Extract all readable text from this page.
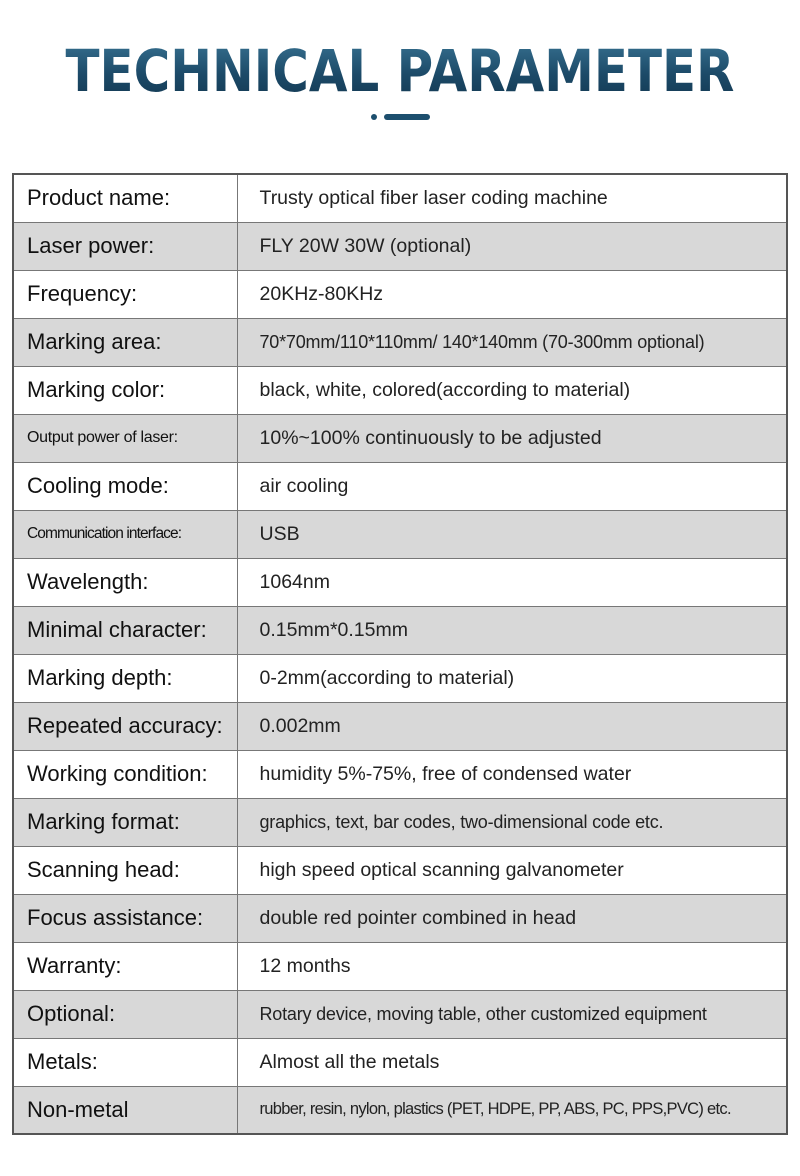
TECHNICAL PARAMETER
Product name:	Trusty optical fiber laser coding machine
Laser power:	FLY 20W 30W (optional)
Frequency:	20KHz-80KHz
Marking area:	70*70mm/110*110mm/ 140*140mm (70-300mm optional)
Marking color:	black, white, colored(according to material)
Output power of laser:	10%~100% continuously to be adjusted
Cooling mode:	air cooling
Communication interface:	USB
Wavelength:	1064nm
Minimal character:	0.15mm*0.15mm
Marking depth:	0-2mm(according to material)
Repeated accuracy:	0.002mm
Working condition:	humidity 5%-75%, free of condensed water
Marking format:	graphics, text, bar codes, two-dimensional code etc.
Scanning head:	high speed optical scanning galvanometer
Focus assistance:	double red pointer combined in head
Warranty:	12 months
Optional:	Rotary device, moving table, other customized equipment
Metals:	Almost all the metals
Non-metal	rubber, resin, nylon, plastics (PET, HDPE, PP, ABS, PC, PPS,PVC) etc.
